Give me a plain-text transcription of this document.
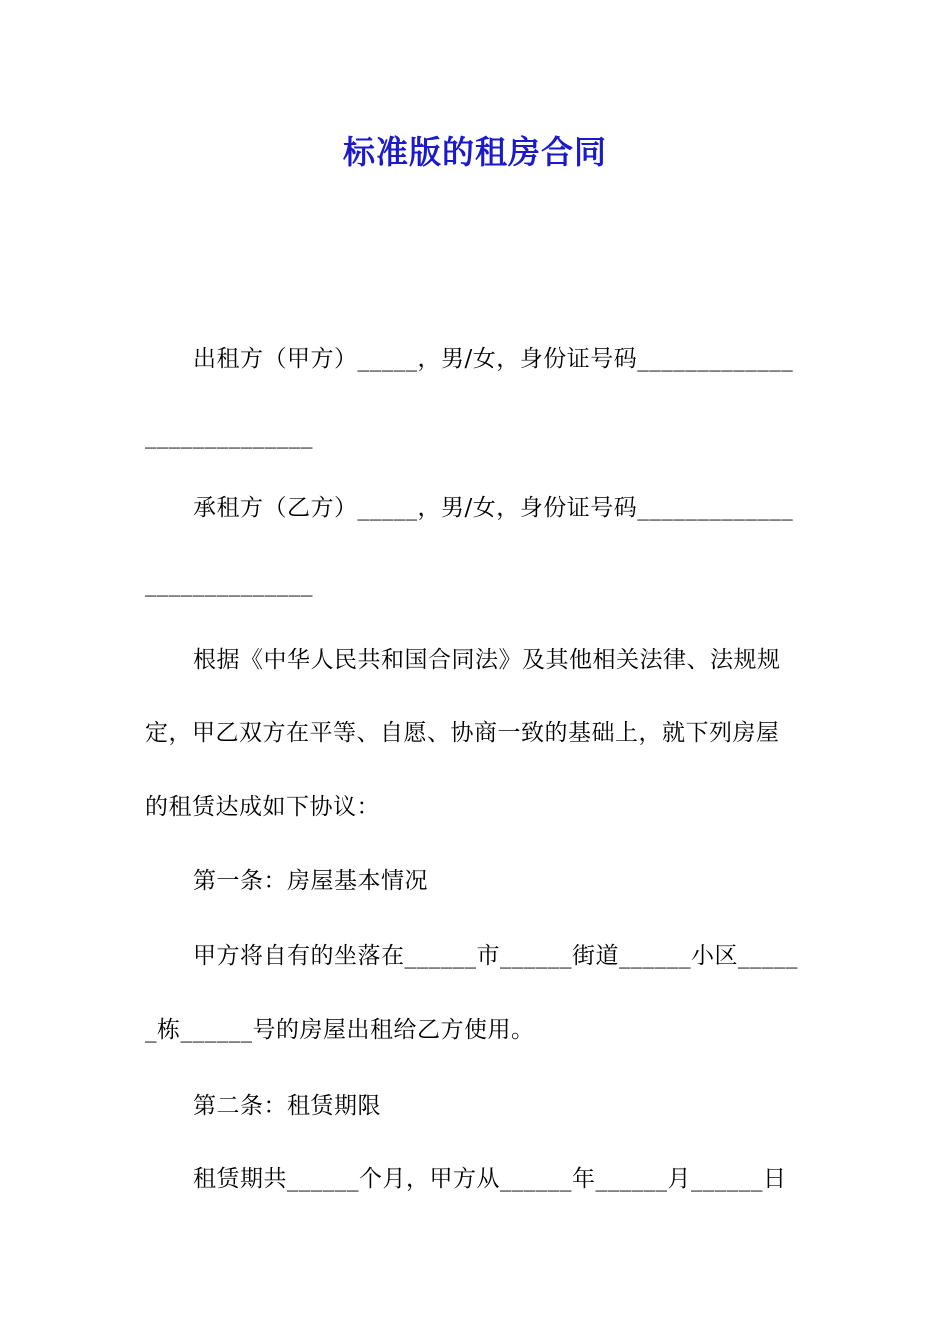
标准版的租房合同
出租方（甲方）_____，男/女，身份证号码_____________
______________
承租方（乙方）_____，男/女，身份证号码_____________
______________
根据《中华人民共和国合同法》及其他相关法律、法规规
定，甲乙双方在平等、自愿、协商一致的基础上，就下列房屋
的租赁达成如下协议：
第一条：房屋基本情况
甲方将自有的坐落在______市______街道______小区_____
_栋______号的房屋出租给乙方使用。
第二条：租赁期限
租赁期共______个月，甲方从______年______月______日
